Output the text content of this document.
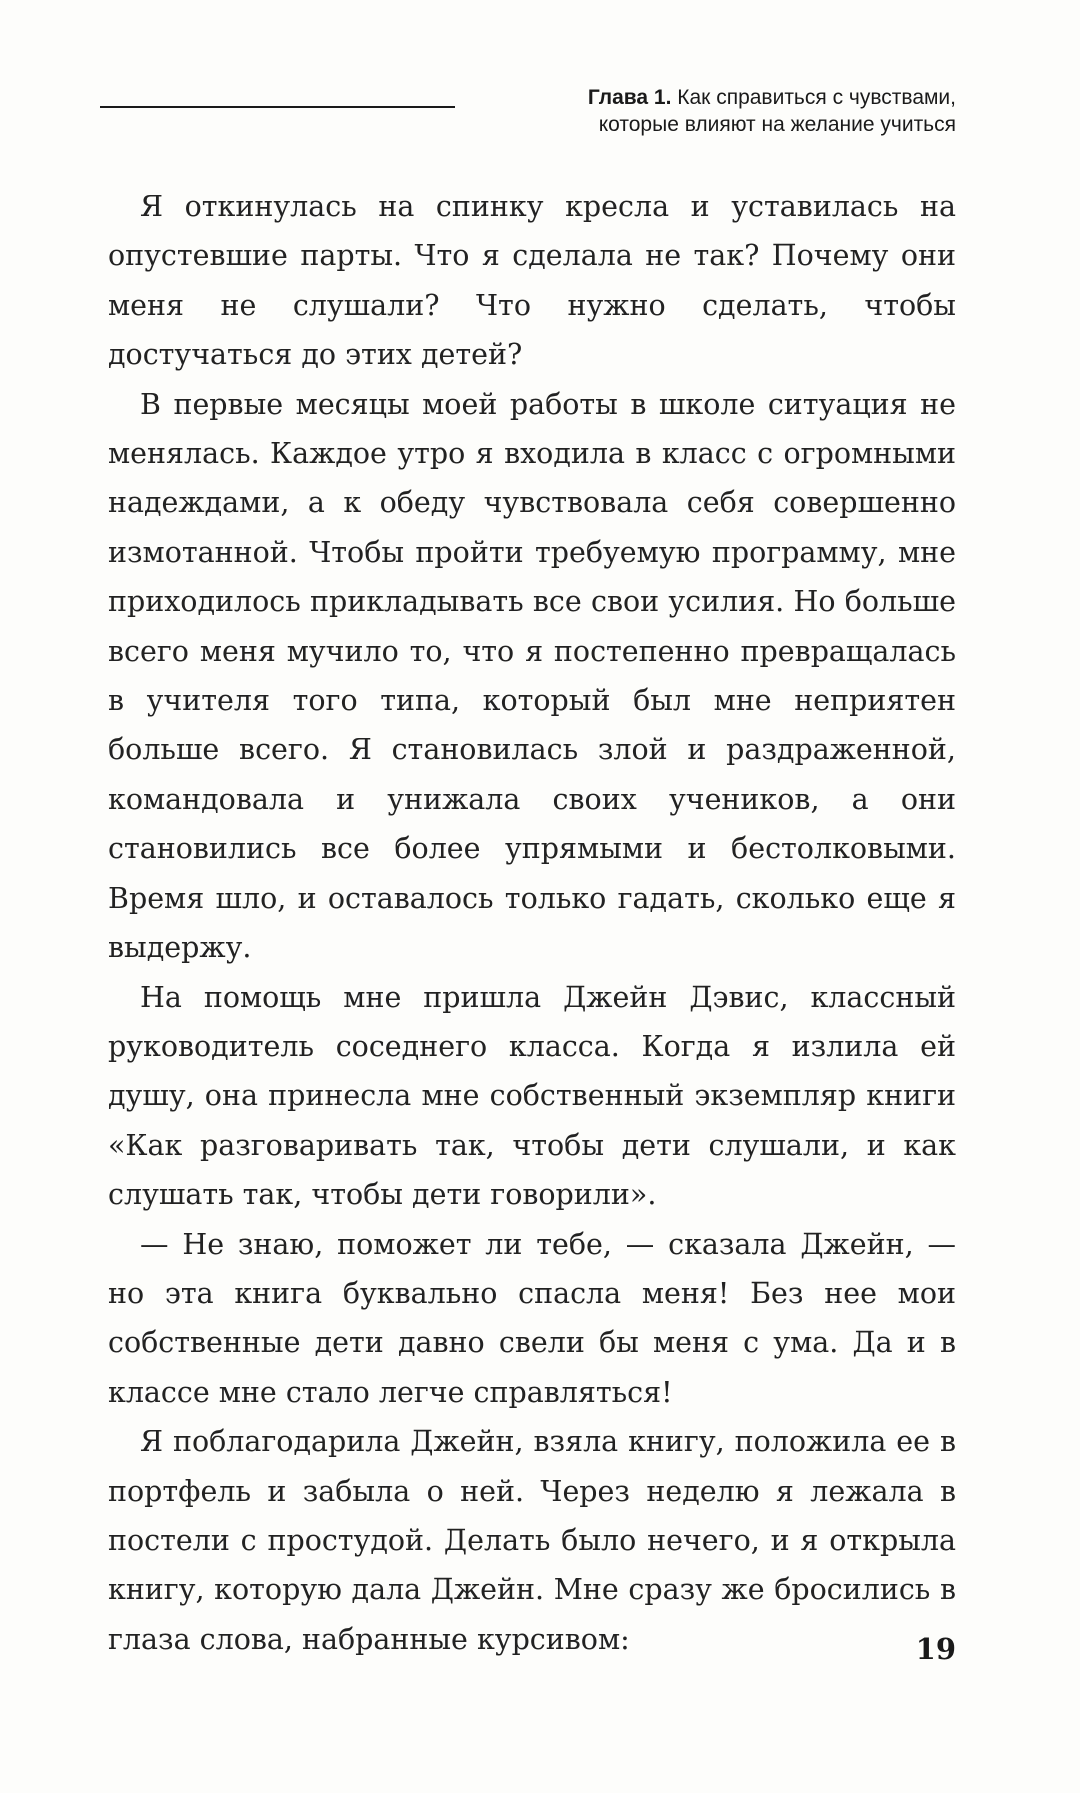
Глава 1. Как справиться с чувствами,
которые влияют на желание учиться

Я откинулась на спинку кресла и уставилась на опустевшие парты. Что я сделала не так? Почему они меня не слушали? Что нужно сделать, чтобы достучаться до этих детей?

В первые месяцы моей работы в школе ситуация не менялась. Каждое утро я входила в класс с огромными надеждами, а к обеду чувствовала себя совершенно измотанной. Чтобы пройти требуемую программу, мне приходилось прикладывать все свои усилия. Но больше всего меня мучило то, что я постепенно превращалась в учителя того типа, который был мне неприятен больше всего. Я становилась злой и раздраженной, командовала и унижала своих учеников, а они становились все более упрямыми и бестолковыми. Время шло, и оставалось только гадать, сколько еще я выдержу.

На помощь мне пришла Джейн Дэвис, классный руководитель соседнего класса. Когда я излила ей душу, она принесла мне собственный экземпляр книги «Как разговаривать так, чтобы дети слушали, и как слушать так, чтобы дети говорили».

— Не знаю, поможет ли тебе, — сказала Джейн, — но эта книга буквально спасла меня! Без нее мои собственные дети давно свели бы меня с ума. Да и в классе мне стало легче справляться!

Я поблагодарила Джейн, взяла книгу, положила ее в портфель и забыла о ней. Через неделю я лежала в постели с простудой. Делать было нечего, и я открыла книгу, которую дала Джейн. Мне сразу же бросились в глаза слова, набранные курсивом:	19
